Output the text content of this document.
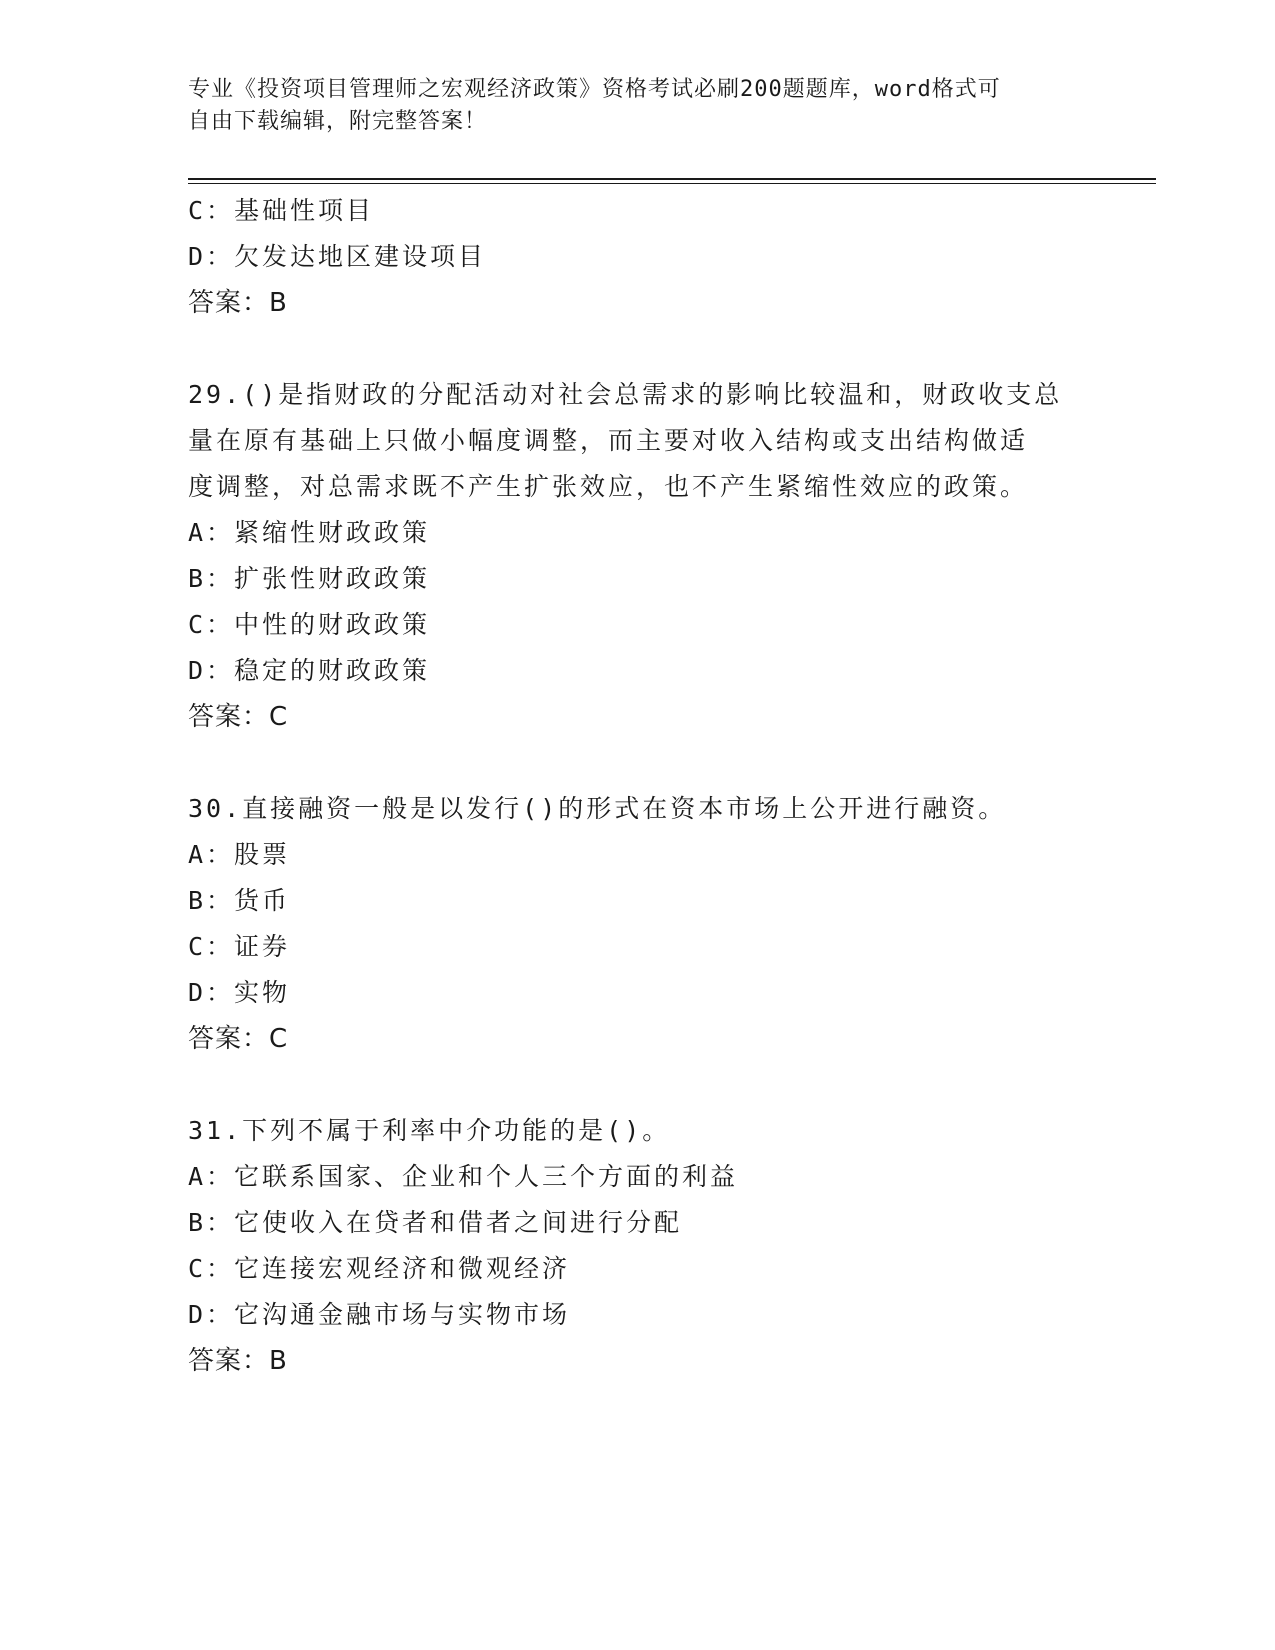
专业《投资项目管理师之宏观经济政策》资格考试必刷200题题库，word格式可
自由下载编辑，附完整答案！
C：基础性项目
D：欠发达地区建设项目
答案：B
29.()是指财政的分配活动对社会总需求的影响比较温和，财政收支总
量在原有基础上只做小幅度调整，而主要对收入结构或支出结构做适
度调整，对总需求既不产生扩张效应，也不产生紧缩性效应的政策。
A：紧缩性财政政策
B：扩张性财政政策
C：中性的财政政策
D：稳定的财政政策
答案：C
30.直接融资一般是以发行()的形式在资本市场上公开进行融资。
A：股票
B：货币
C：证券
D：实物
答案：C
31.下列不属于利率中介功能的是()。
A：它联系国家、企业和个人三个方面的利益
B：它使收入在贷者和借者之间进行分配
C：它连接宏观经济和微观经济
D：它沟通金融市场与实物市场
答案：B
